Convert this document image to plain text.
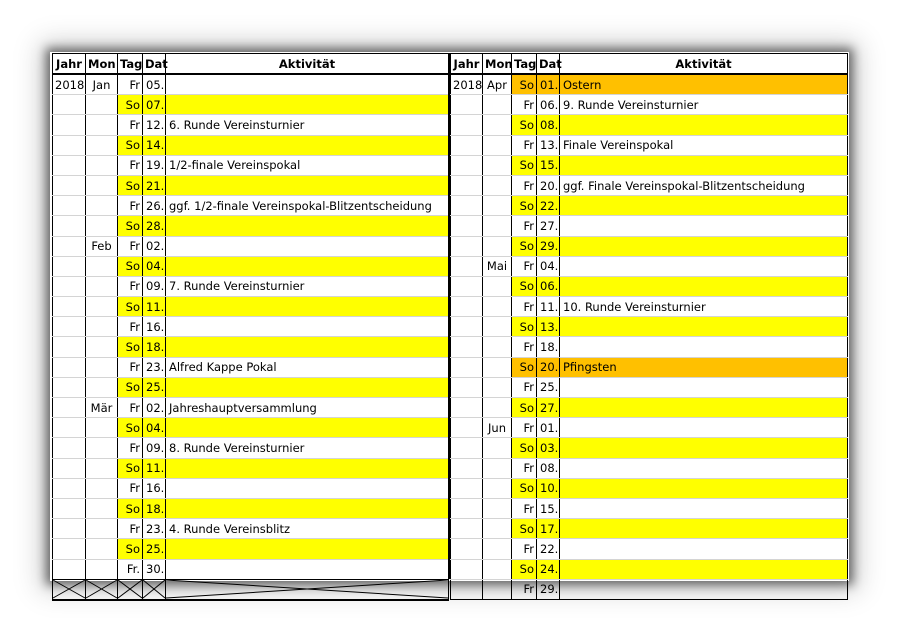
Jahr	Mon	Tag	Dat	Aktivität
2018	Jan	Fr	05.	
		So	07.	
		Fr	12.	6. Runde Vereinsturnier
		So	14.	
		Fr	19.	1/2-finale Vereinspokal
		So	21.	
		Fr	26.	ggf. 1/2-finale Vereinspokal-Blitzentscheidung
		So	28.	
	Feb	Fr	02.	
		So	04.	
		Fr	09.	7. Runde Vereinsturnier
		So	11.	
		Fr	16.	
		So	18.	
		Fr	23.	Alfred Kappe Pokal
		So	25.	
	Mär	Fr	02.	Jahreshauptversammlung
		So	04.	
		Fr	09.	8. Runde Vereinsturnier
		So	11.	
		Fr	16.	
		So	18.	
		Fr	23.	4. Runde Vereinsblitz
		So	25.	
		Fr.	30.	

Jahr	Mon	Tag	Dat	Aktivität
2018	Apr	So	01.	Ostern
		Fr	06.	9. Runde Vereinsturnier
		So	08.	
		Fr	13.	Finale Vereinspokal
		So	15.	
		Fr	20.	ggf. Finale Vereinspokal-Blitzentscheidung
		So	22.	
		Fr	27.	
		So	29.	
	Mai	Fr	04.	
		So	06.	
		Fr	11.	10. Runde Vereinsturnier
		So	13.	
		Fr	18.	
		So	20.	Pfingsten
		Fr	25.	
		So	27.	
	Jun	Fr	01.	
		So	03.	
		Fr	08.	
		So	10.	
		Fr	15.	
		So	17.	
		Fr	22.	
		So	24.	
		Fr	29.	
